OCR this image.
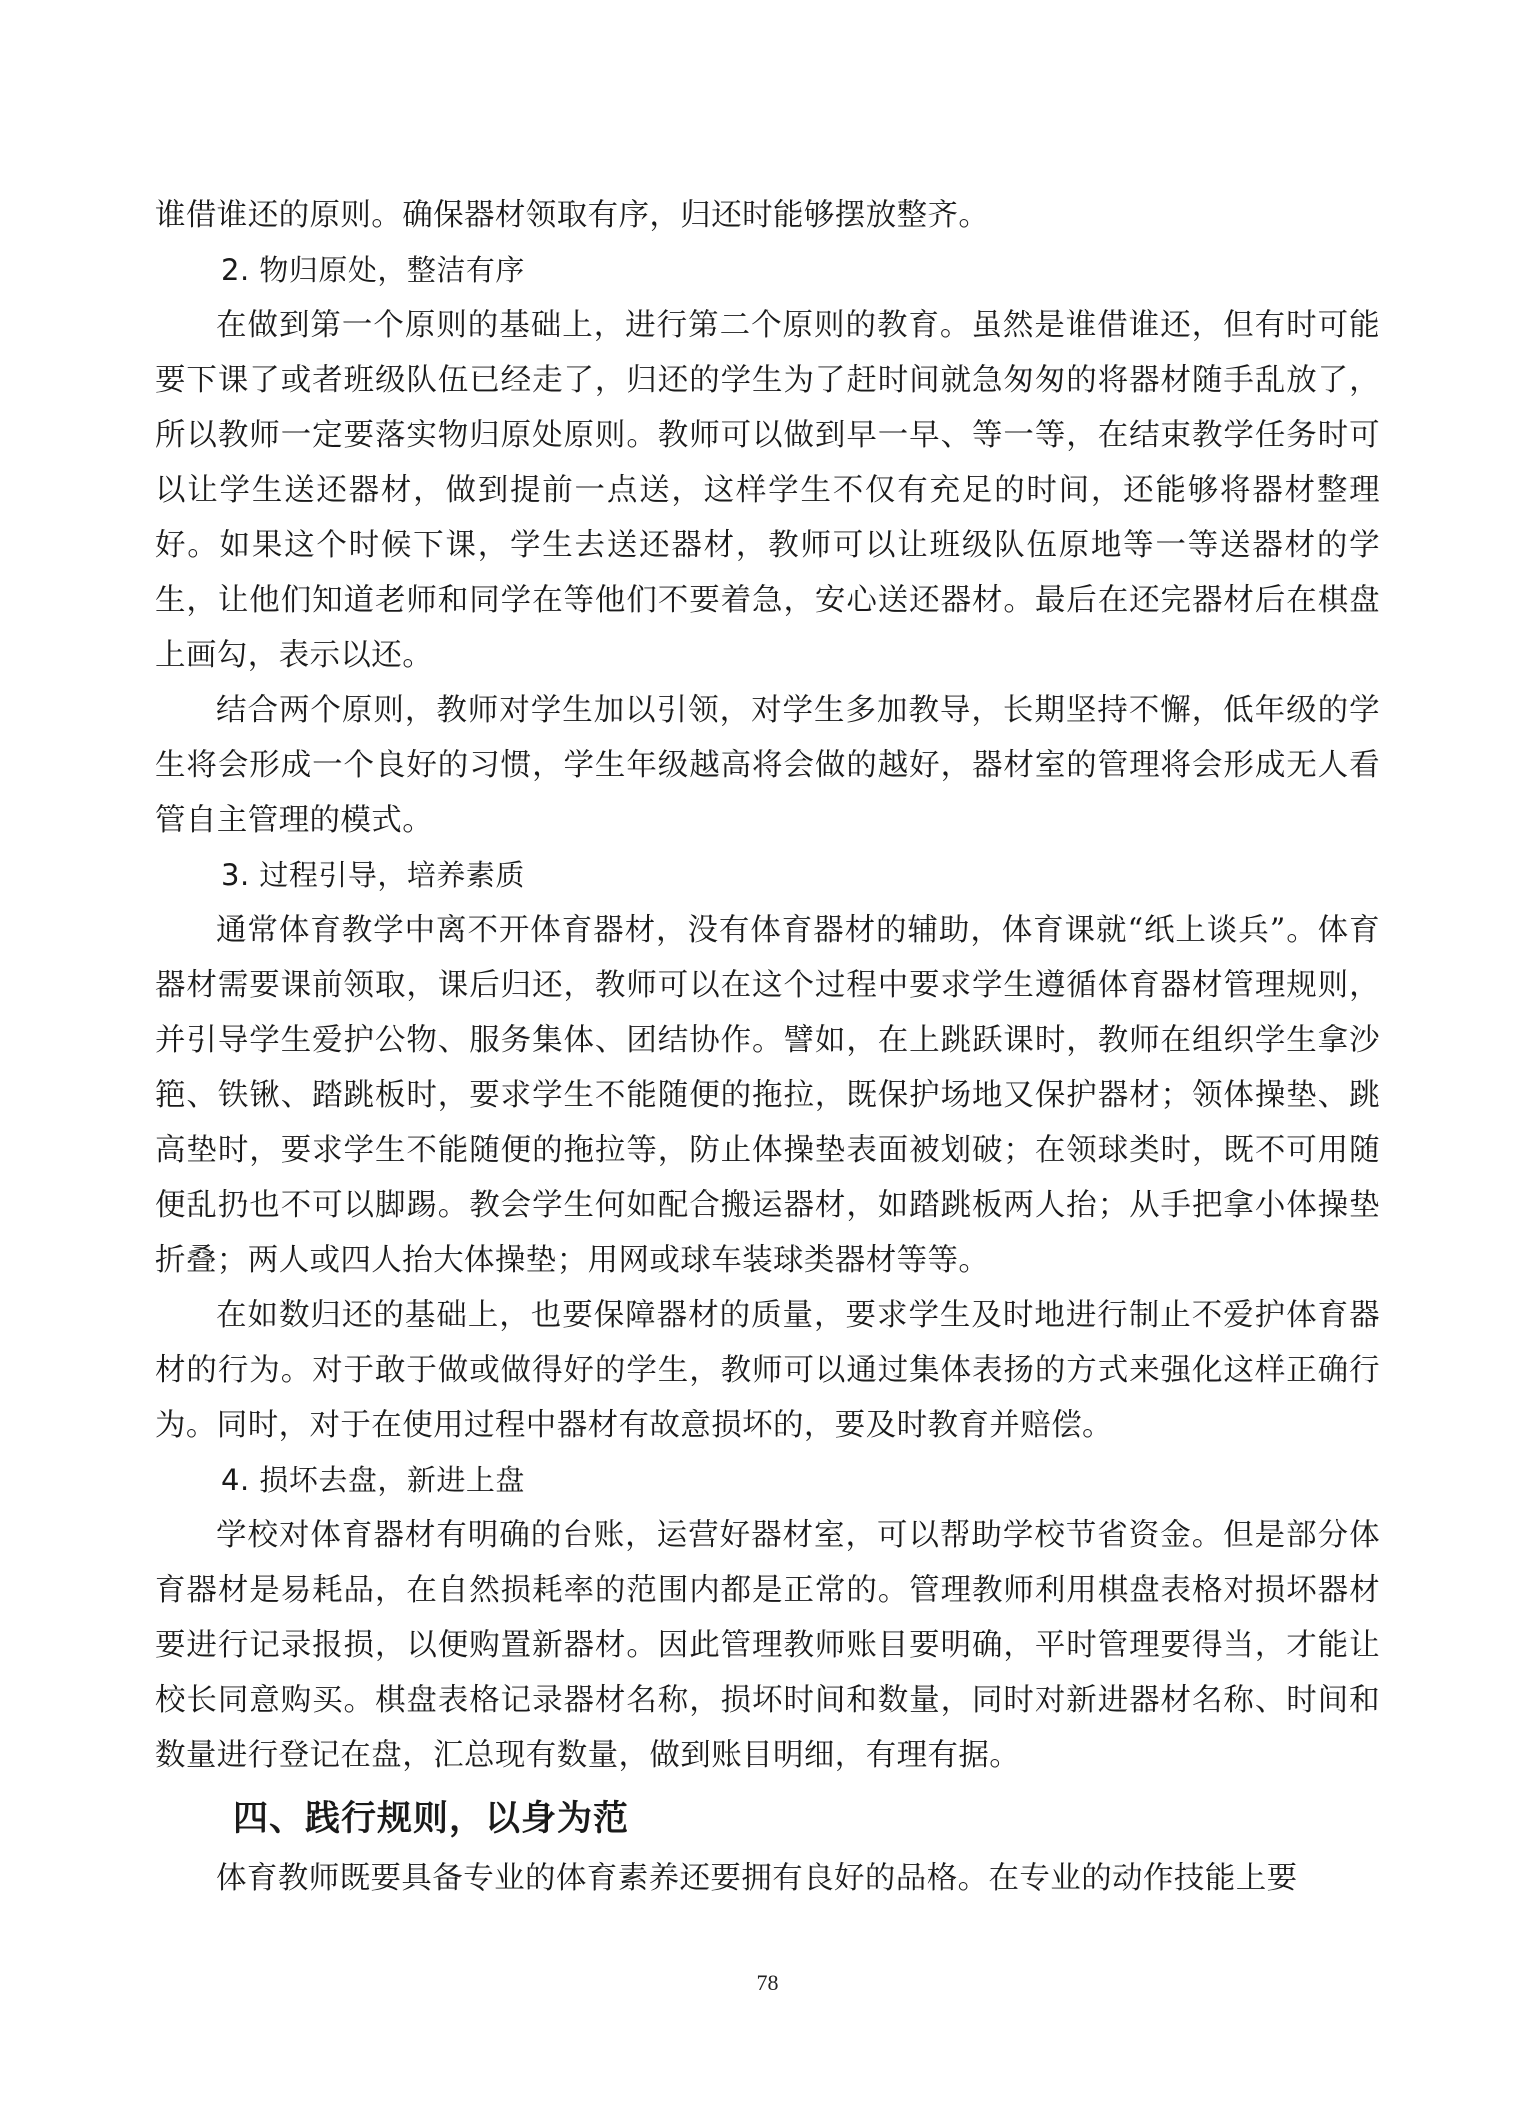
谁借谁还的原则。确保器材领取有序，归还时能够摆放整齐。

2. 物归原处，整洁有序

在做到第一个原则的基础上，进行第二个原则的教育。虽然是谁借谁还，但有时可能要下课了或者班级队伍已经走了，归还的学生为了赶时间就急匆匆的将器材随手乱放了，所以教师一定要落实物归原处原则。教师可以做到早一早、等一等，在结束教学任务时可以让学生送还器材，做到提前一点送，这样学生不仅有充足的时间，还能够将器材整理好。如果这个时候下课，学生去送还器材，教师可以让班级队伍原地等一等送器材的学生，让他们知道老师和同学在等他们不要着急，安心送还器材。最后在还完器材后在棋盘上画勾，表示以还。

结合两个原则，教师对学生加以引领，对学生多加教导，长期坚持不懈，低年级的学生将会形成一个良好的习惯，学生年级越高将会做的越好，器材室的管理将会形成无人看管自主管理的模式。

3. 过程引导，培养素质

通常体育教学中离不开体育器材，没有体育器材的辅助，体育课就“纸上谈兵”。体育器材需要课前领取，课后归还，教师可以在这个过程中要求学生遵循体育器材管理规则，并引导学生爱护公物、服务集体、团结协作。譬如，在上跳跃课时，教师在组织学生拿沙筢、铁锹、踏跳板时，要求学生不能随便的拖拉，既保护场地又保护器材；领体操垫、跳高垫时，要求学生不能随便的拖拉等，防止体操垫表面被划破；在领球类时，既不可用随便乱扔也不可以脚踢。教会学生何如配合搬运器材，如踏跳板两人抬；从手把拿小体操垫折叠；两人或四人抬大体操垫；用网或球车装球类器材等等。

在如数归还的基础上，也要保障器材的质量，要求学生及时地进行制止不爱护体育器材的行为。对于敢于做或做得好的学生，教师可以通过集体表扬的方式来强化这样正确行为。同时，对于在使用过程中器材有故意损坏的，要及时教育并赔偿。

4. 损坏去盘，新进上盘

学校对体育器材有明确的台账，运营好器材室，可以帮助学校节省资金。但是部分体育器材是易耗品，在自然损耗率的范围内都是正常的。管理教师利用棋盘表格对损坏器材要进行记录报损，以便购置新器材。因此管理教师账目要明确，平时管理要得当，才能让校长同意购买。棋盘表格记录器材名称，损坏时间和数量，同时对新进器材名称、时间和数量进行登记在盘，汇总现有数量，做到账目明细，有理有据。

四、践行规则，以身为范

体育教师既要具备专业的体育素养还要拥有良好的品格。在专业的动作技能上要

78
